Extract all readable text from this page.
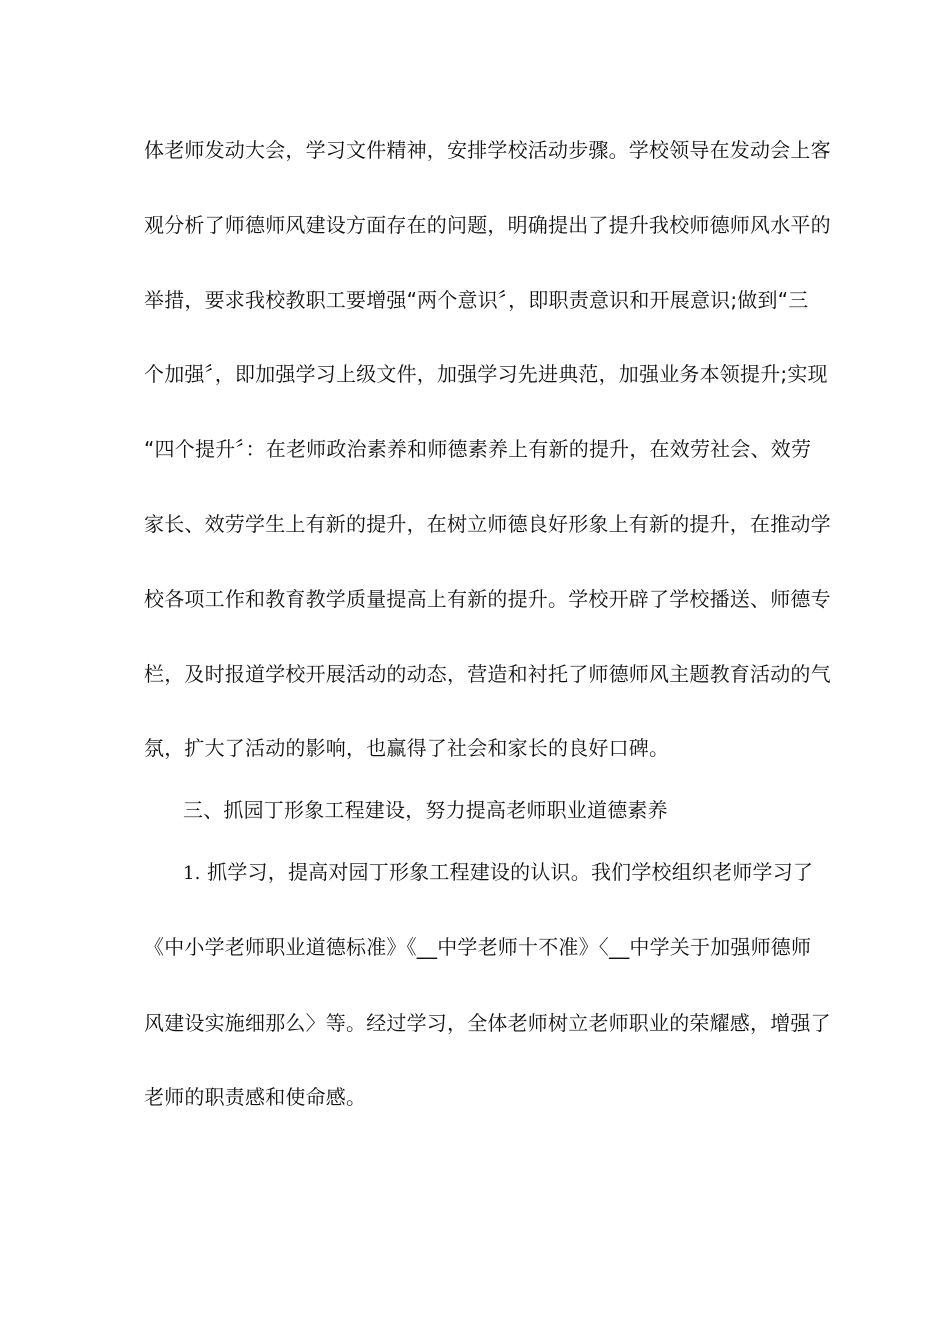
体老师发动大会，学习文件精神，安排学校活动步骤。学校领导在发动会上客
观分析了师德师风建设方面存在的问题，明确提出了提升我校师德师风水平的
举措，要求我校教职工要增强“两个意识〞，即职责意识和开展意识;做到“三
个加强〞，即加强学习上级文件，加强学习先进典范，加强业务本领提升;实现
“四个提升〞：在老师政治素养和师德素养上有新的提升，在效劳社会、效劳
家长、效劳学生上有新的提升，在树立师德良好形象上有新的提升，在推动学
校各项工作和教育教学质量提高上有新的提升。学校开辟了学校播送、师德专
栏，及时报道学校开展活动的动态，营造和衬托了师德师风主题教育活动的气
氛，扩大了活动的影响，也赢得了社会和家长的良好口碑。
三、抓园丁形象工程建设，努力提高老师职业道德素养
1. 抓学习，提高对园丁形象工程建设的认识。我们学校组织老师学习了
《中小学老师职业道德标准》《__中学老师十不准》〈__中学关于加强师德师
风建设实施细那么〉等。经过学习，全体老师树立老师职业的荣耀感，增强了
老师的职责感和使命感。
